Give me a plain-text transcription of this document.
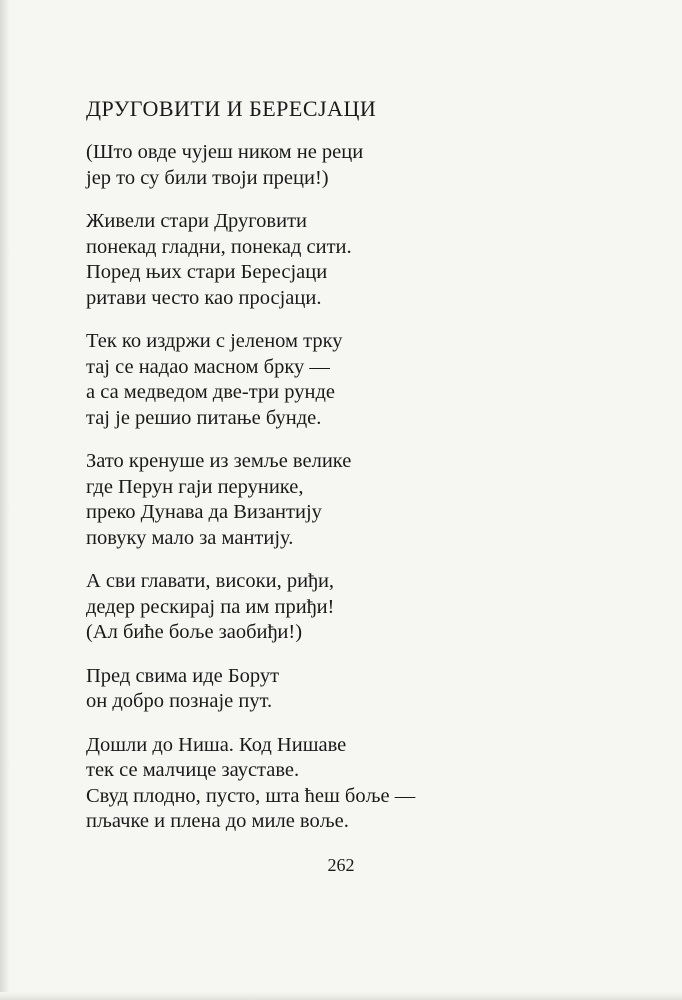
ДРУГОВИТИ И БЕРЕСЈАЦИ
(Што овде чујеш ником не реци
јер то су били твоји преци!)
Живели стари Друговити
понекад гладни, понекад сити.
Поред њих стари Бересјаци
ритави често као просјаци.
Тек ко издржи с јеленом трку
тај се надао масном брку —
а са медведом две-три рунде
тај је решио питање бунде.
Зато кренуше из земље велике
где Перун гаји перунике,
преко Дунава да Византију
повуку мало за мантију.
А сви главати, високи, риђи,
дедер рескирај па им приђи!
(Ал биће боље заобиђи!)
Пред свима иде Борут
он добро познаје пут.
Дошли до Ниша. Код Нишаве
тек се малчице зауставе.
Свуд плодно, пусто, шта ћеш боље —
пљачке и плена до миле воље.
262
